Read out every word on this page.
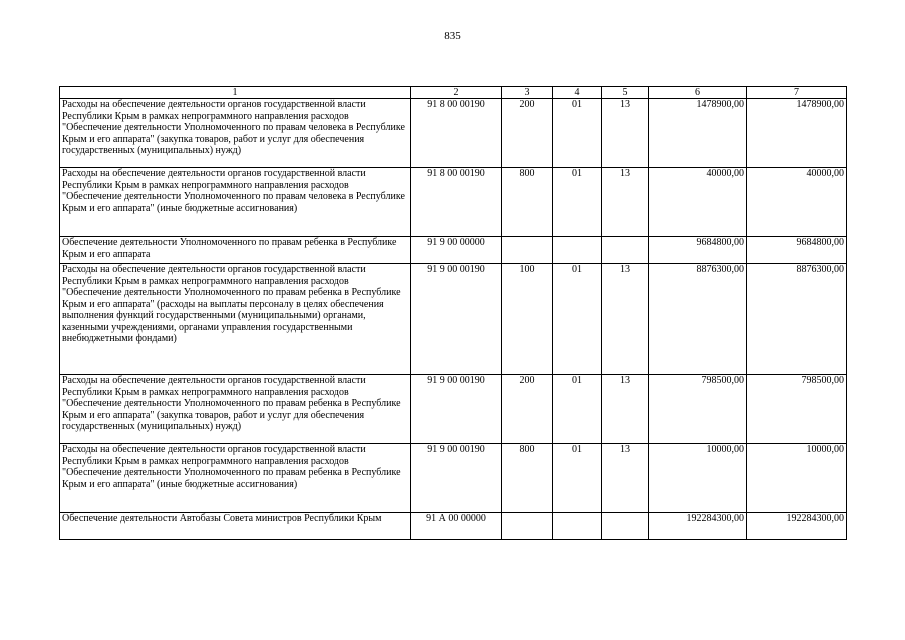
835
1	2	3	4	5	6	7
Расходы на обеспечение деятельности органов государственной власти Республики Крым в рамках непрограммного направления расходов "Обеспечение деятельности Уполномоченного по правам человека в Республике Крым и его аппарата" (закупка товаров, работ и услуг для обеспечения государственных (муниципальных) нужд)	91 8 00 00190	200	01	13	1478900,00	1478900,00
Расходы на обеспечение деятельности органов государственной власти Республики Крым в рамках непрограммного направления расходов "Обеспечение деятельности Уполномоченного по правам человека в Республике Крым и его аппарата" (иные бюджетные ассигнования)	91 8 00 00190	800	01	13	40000,00	40000,00
Обеспечение деятельности Уполномоченного по правам ребенка в Республике Крым и его аппарата	91 9 00 00000				9684800,00	9684800,00
Расходы на обеспечение деятельности органов государственной власти Республики Крым в рамках непрограммного направления расходов "Обеспечение деятельности Уполномоченного по правам ребенка в Республике Крым и его аппарата" (расходы на выплаты персоналу в целях обеспечения выполнения функций государственными (муниципальными) органами, казенными учреждениями, органами управления государственными внебюджетными фондами)	91 9 00 00190	100	01	13	8876300,00	8876300,00
Расходы на обеспечение деятельности органов государственной власти Республики Крым в рамках непрограммного направления расходов "Обеспечение деятельности Уполномоченного по правам ребенка в Республике Крым и его аппарата" (закупка товаров, работ и услуг для обеспечения государственных (муниципальных) нужд)	91 9 00 00190	200	01	13	798500,00	798500,00
Расходы на обеспечение деятельности органов государственной власти Республики Крым в рамках непрограммного направления расходов "Обеспечение деятельности Уполномоченного по правам ребенка в Республике Крым и его аппарата" (иные бюджетные ассигнования)	91 9 00 00190	800	01	13	10000,00	10000,00
Обеспечение деятельности Автобазы Совета министров Республики Крым	91 А 00 00000				192284300,00	192284300,00
